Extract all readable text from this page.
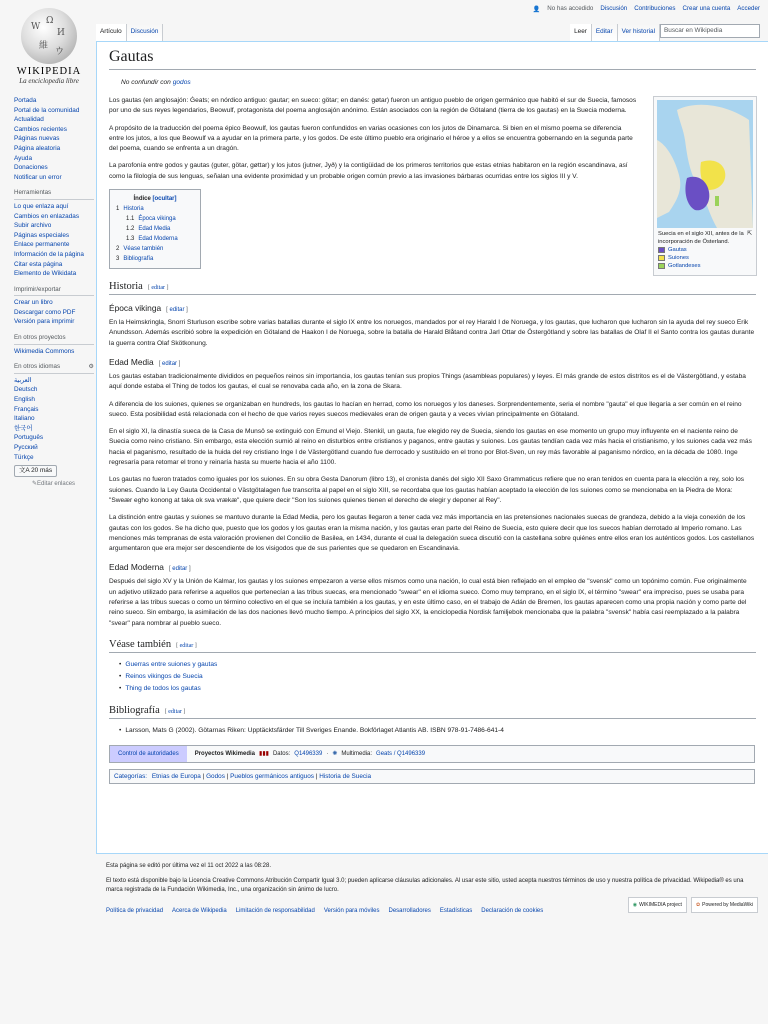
W
Ω
И
維
ウ
WIKIPEDIA
La enciclopedia libre
👤 No has accedido Discusión Contribuciones Crear una cuenta Acceder
Artículo	Discusión	Leer	Editar	Ver historial	Buscar en Wikipedia
Portada
Portal de la comunidad
Actualidad
Cambios recientes
Páginas nuevas
Página aleatoria
Ayuda
Donaciones
Notificar un error
Herramientas
Lo que enlaza aquí
Cambios en enlazadas
Subir archivo
Páginas especiales
Enlace permanente
Información de la página
Citar esta página
Elemento de Wikidata
Imprimir/exportar
Crear un libro
Descargar como PDF
Versión para imprimir
En otros proyectos
Wikimedia Commons
En otros idiomas	⚙
العربية
Deutsch
English
Français
Italiano
한국어
Português
Русский
Türkçe
文A 20 más
✎Editar enlaces
Gautas
No confundir con godos

Los gautas (en anglosajón: Ġeats; en nórdico antiguo: gautar; en sueco: götar; en danés: gøtar) fueron un antiguo pueblo de origen germánico que habitó el sur de Suecia, famosos por uno de sus reyes legendarios, Beowulf, protagonista del poema anglosajón anónimo. Están asociados con la región de Götaland (tierra de los gautas) en la Suecia moderna.

A propósito de la traducción del poema épico Beowulf, los gautas fueron confundidos en varias ocasiones con los jutos de Dinamarca. Si bien en el mismo poema se diferencia entre los jutos, a los que Beowulf va a ayudar en la primera parte, y los godos. De este último pueblo era originario el héroe y a ellos se encuentra gobernando en la segunda parte del poema, cuando se enfrenta a un dragón.

La parofonía entre godos y gautas (guter, götar, gøttar) y los jutos (jutner, Jyð) y la contigüidad de los primeros territorios que estas etnias habitaron en la región escandinava, así como la filología de sus lenguas, señalan una evidente proximidad y un probable origen común previo a las invasiones bárbaras ocurridas entre los siglos III y V.

Índice [ocultar]
1 Historia
1.1 Época vikinga
1.2 Edad Media
1.3 Edad Moderna
2 Véase también
3 Bibliografía
Historia [ editar ]
Época vikinga [ editar ]

En la Heimskringla, Snorri Sturluson escribe sobre varias batallas durante el siglo IX entre los noruegos, mandados por el rey Harald I de Noruega, y los gautas, que lucharon que lucharon sin la ayuda del rey sueco Erik Anundsson. Además escribió sobre la expedición en Götaland de Haakon I de Noruega, sobre la batalla de Harald Blåtand contra Jarl Ottar de Östergötland y sobre las batallas de Olaf II el Santo contra los gautas durante la guerra contra Olaf Skötkonung.

Edad Media [ editar ]

Los gautas estaban tradicionalmente divididos en pequeños reinos sin importancia, los gautas tenían sus propios Things (asambleas populares) y leyes. El más grande de estos distritos es el de Västergötland, y estaba aquí donde estaba el Thing de todos los gautas, el cual se renovaba cada año, en la zona de Skara.

A diferencia de los suiones, quienes se organizaban en hundreds, los gautas lo hacían en herrad, como los noruegos y los daneses. Sorprendentemente, seria el nombre "gauta" el que llegaría a ser común en el reino sueco. Esta posibilidad está relacionada con el hecho de que varios reyes suecos medievales eran de origen gauta y a veces vivían principalmente en Götaland.

En el siglo XI, la dinastía sueca de la Casa de Munsö se extinguió con Emund el Viejo. Stenkil, un gauta, fue elegido rey de Suecia, siendo los gautas en ese momento un grupo muy influyente en el naciente reino de Suecia como reino cristiano. Sin embargo, esta elección sumió al reino en disturbios entre cristianos y paganos, entre gautas y suiones. Los gautas tendían cada vez más hacia el cristianismo, y los suiones cada vez más hacia el paganismo, resultado de la huida del rey cristiano Inge I de Västergötland cuando fue derrocado y sustituido en el trono por Blot-Sven, un rey más favorable al paganismo nórdico, en la década de 1080. Inge regresaría para retomar el trono y reinaría hasta su muerte hacia el año 1100.

Los gautas no fueron tratados como iguales por los suiones. En su obra Gesta Danorum (libro 13), el cronista danés del siglo XII Saxo Grammaticus refiere que no eran tenidos en cuenta para la elección a rey, solo los suiones. Cuando la Ley Gauta Occidental o Västgötalagen fue transcrita al papel en el siglo XIII, se recordaba que los gautas habían aceptado la elección de los suiones como se mencionaba en la Piedra de Mora: "Sweær egho konong at taka ok sva vrækæ", que quiere decir "Son los suiones quienes tienen el derecho de elegir y deponer al Rey".

La distinción entre gautas y suiones se mantuvo durante la Edad Media, pero los gautas llegaron a tener cada vez más importancia en las pretensiones nacionales suecas de grandeza, debido a la vieja conexión de los gautas con los godos. Se ha dicho que, puesto que los godos y los gautas eran la misma nación, y los gautas eran parte del Reino de Suecia, esto quiere decir que los suecos habían derrotado al Imperio romano. Las menciones más tempranas de esta valoración provienen del Concilio de Basilea, en 1434, durante el cual la delegación sueca discutió con la castellana sobre quiénes entre ellos eran los auténticos godos. Los castellanos argumentaron que era mejor ser descendiente de los visigodos que de sus parientes que se quedaron en Escandinavia.

Edad Moderna [ editar ]

Después del siglo XV y la Unión de Kalmar, los gautas y los suiones empezaron a verse ellos mismos como una nación, lo cual está bien reflejado en el empleo de "svensk" como un topónimo común. Fue originalmente un adjetivo utilizado para referirse a aquellos que pertenecían a las tribus suecas, era mencionado "swear" en el idioma sueco. Como muy temprano, en el siglo IX, el término "swear" era impreciso, pues se usaba para referirse a las tribus suecas o como un término colectivo en el que se incluía también a los gautas, y en este último caso, en el trabajo de Adán de Bremen, los gautas aparecen como una propia nación y como parte del reino sueco. Sin embargo, la asimilación de las dos naciones llevó mucho tiempo. A principios del siglo XX, la enciclopedia Nordisk familjebok mencionaba que la palabra "svensk" había casi reemplazado a la palabra "svear" para nombrar al pueblo sueco.

Véase también [ editar ]
• Guerras entre suiones y gautas
• Reinos vikingos de Suecia
• Thing de todos los gautas
Bibliografía [ editar ]
• Larsson, Mats G (2002). Götarnas Riken: Upptäcktsfärder Till Sveriges Enande. Bokförlaget Atlantis AB. ISBN 978-91-7486-641-4
Control de autoridades	Proyectos Wikimedia ▮▮▮ Datos: Q1496339 · ✺ Multimedia: Geats / Q1496339
Categorías: Etnias de Europa | Godos | Pueblos germánicos antiguos | Historia de Suecia
⇱
Suecia en el siglo XII, antes de la incorporación de Österland.
Gautas
Suiones
Gotlandeses
Esta página se editó por última vez el 11 oct 2022 a las 08:28.
El texto está disponible bajo la Licencia Creative Commons Atribución Compartir Igual 3.0; pueden aplicarse cláusulas adicionales. Al usar este sitio, usted acepta nuestros términos de uso y nuestra política de privacidad. Wikipedia® es una marca registrada de la Fundación Wikimedia, Inc., una organización sin ánimo de lucro.
Política de privacidad Acerca de Wikipedia Limitación de responsabilidad Versión para móviles Desarrolladores Estadísticas Declaración de cookies
◉ WIKIMEDIA project	✿ Powered by MediaWiki
